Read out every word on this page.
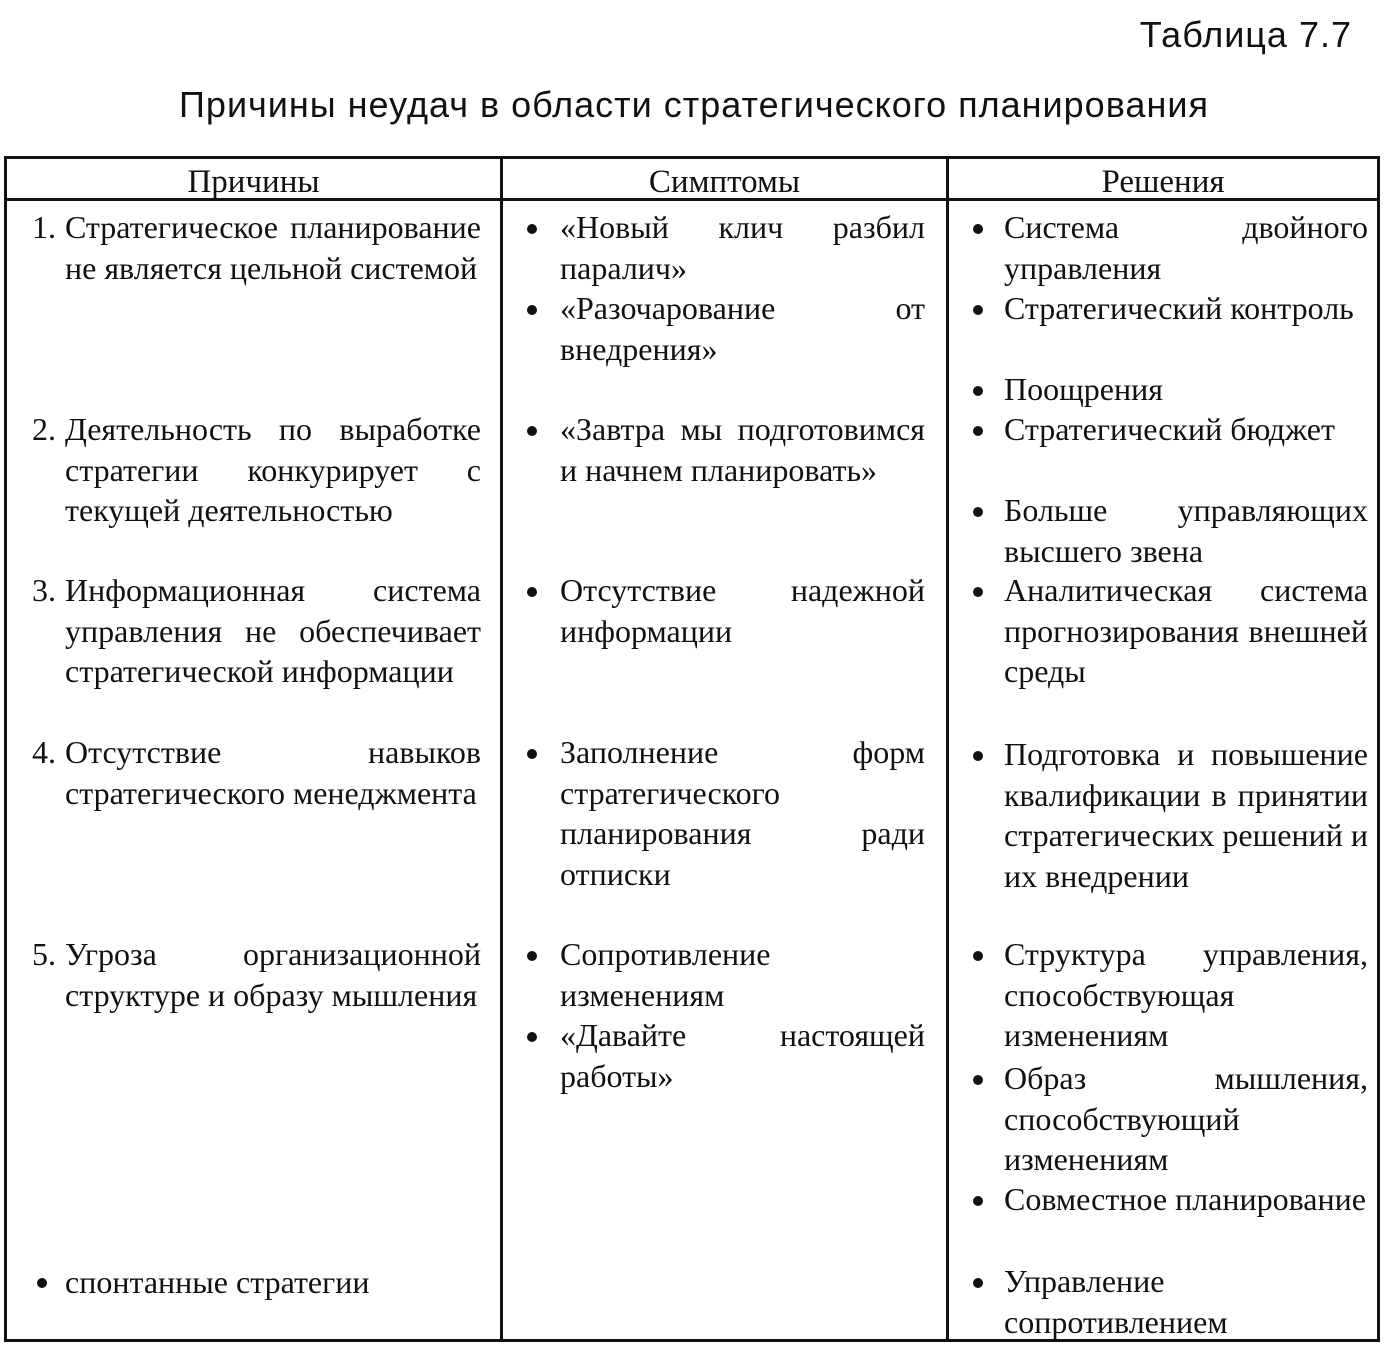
Таблица 7.7
Причины неудач в области стратегического планирования
Причины	Симптомы	Решения
1. Стратегическое планирование не является цельной системой
2. Деятельность по выработке стратегии конкурирует с текущей деятельностью
3. Информационная система управления не обеспечивает стратегической информации
4. Отсутствие навыков стратегического менеджмента
5. Угроза организационной структуре и образу мышления
спонтанные стратегии
«Новый клич разбил паралич»
«Разочарование от внедрения»
«Завтра мы подготовимся и начнем планировать»
Отсутствие надежной информации
Заполнение форм стратегического планирования ради отписки
Сопротивление изменениям
«Давайте настоящей работы»
Система двойного управления
Стратегический контроль
Поощрения
Стратегический бюджет
Больше управляющих высшего звена
Аналитическая система прогнозирования внешней среды
Подготовка и повышение квалификации в принятии стратегических решений и их внедрении
Структура управления, способствующая изменениям
Образ мышления, способствующий изменениям
Совместное планирование
Управление сопротивлением
